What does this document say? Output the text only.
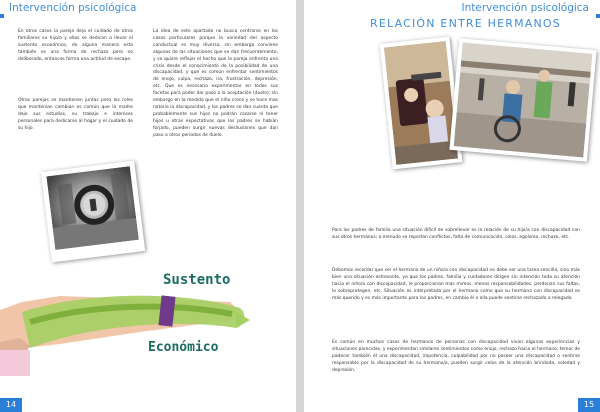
Intervención psicológica

En otros casos la pareja deja el cuidado de otros familiares su hijo/a y ellos se dedican a llevar el sustento económico, de alguna manera esta también es una forma de rechazo pero no deliberado, entonces forma una actitud de escape.

Otras parejas se mantienen juntas pero los roles que mantenían cambian es común que la madre deje sus estudios, su trabajo e intereses personales para dedicarse al hogar y el cuidado de su hijo.

La idea de este apartado no busca centrarse en los casos particulares porque la variedad del aspecto conductual es muy diverso, sin embargo conviene algunas de las situaciones que se dan frecuentemente, y se quiere reflejar el hecho que la pareja enfrenta una crisis desde el conocimiento de la posibilidad de una discapacidad, y que es común enfrentar sentimientos de enojo, culpa, rechazo, ira, frustración, depresión, etc. Que es necesario experimentar en todas sus facetas para poder dar paso a la aceptación (duelo); sin embargo en la medida que el niño crece y se hace mas notoria la discapacidad, y los padres se dan cuenta que probablemente sus hijos no podrán casarse ni tener hijos u otras expectativas que los padres se habían forjado, pueden surgir nuevas desilusiones que dan paso a otros periodos de duelo.

Sustento
Económico
14
Intervención psicológica
RELACIÓN ENTRE HERMANOS

Para los padres de familia una situación difícil de sobrellevar es la relación de su hijo/a con discapacidad con sus otros hermanos; a menudo se reportan conflictos, falta de comunicación, celos, egoísmo, rechazo, etc.

Debemos recordar que ser el hermano de un niño/a con discapacidad no debe ser una tarea sencilla, sino más bien una situación estresante, ya que los padres, familia y cuidadores dirigen sin intención toda su atención hacia el niño/a con discapacidad, le proporcionan más mimos, menos responsabilidades, perdonan sus faltas, lo sobreprotegen, etc. Situación es interpretada por el hermano como que su hermano con discapacidad es más querido y es más importante para los padres, en cambio él o ella puede sentirse rechazado o relegado.

Es común en muchos casos de hermanos de personas con discapacidad vivan algunas experiencias y situaciones parecidas, y experimentan similares sentimientos como enojo, rechazo hacia el hermano, temor de padecer también él una discapacidad, impotencia, culpabilidad por no poseer una discapacidad o sentirse responsable por la discapacidad de su hermano/a, pueden surgir celos de la atención brindada, soledad y depresión.

15
